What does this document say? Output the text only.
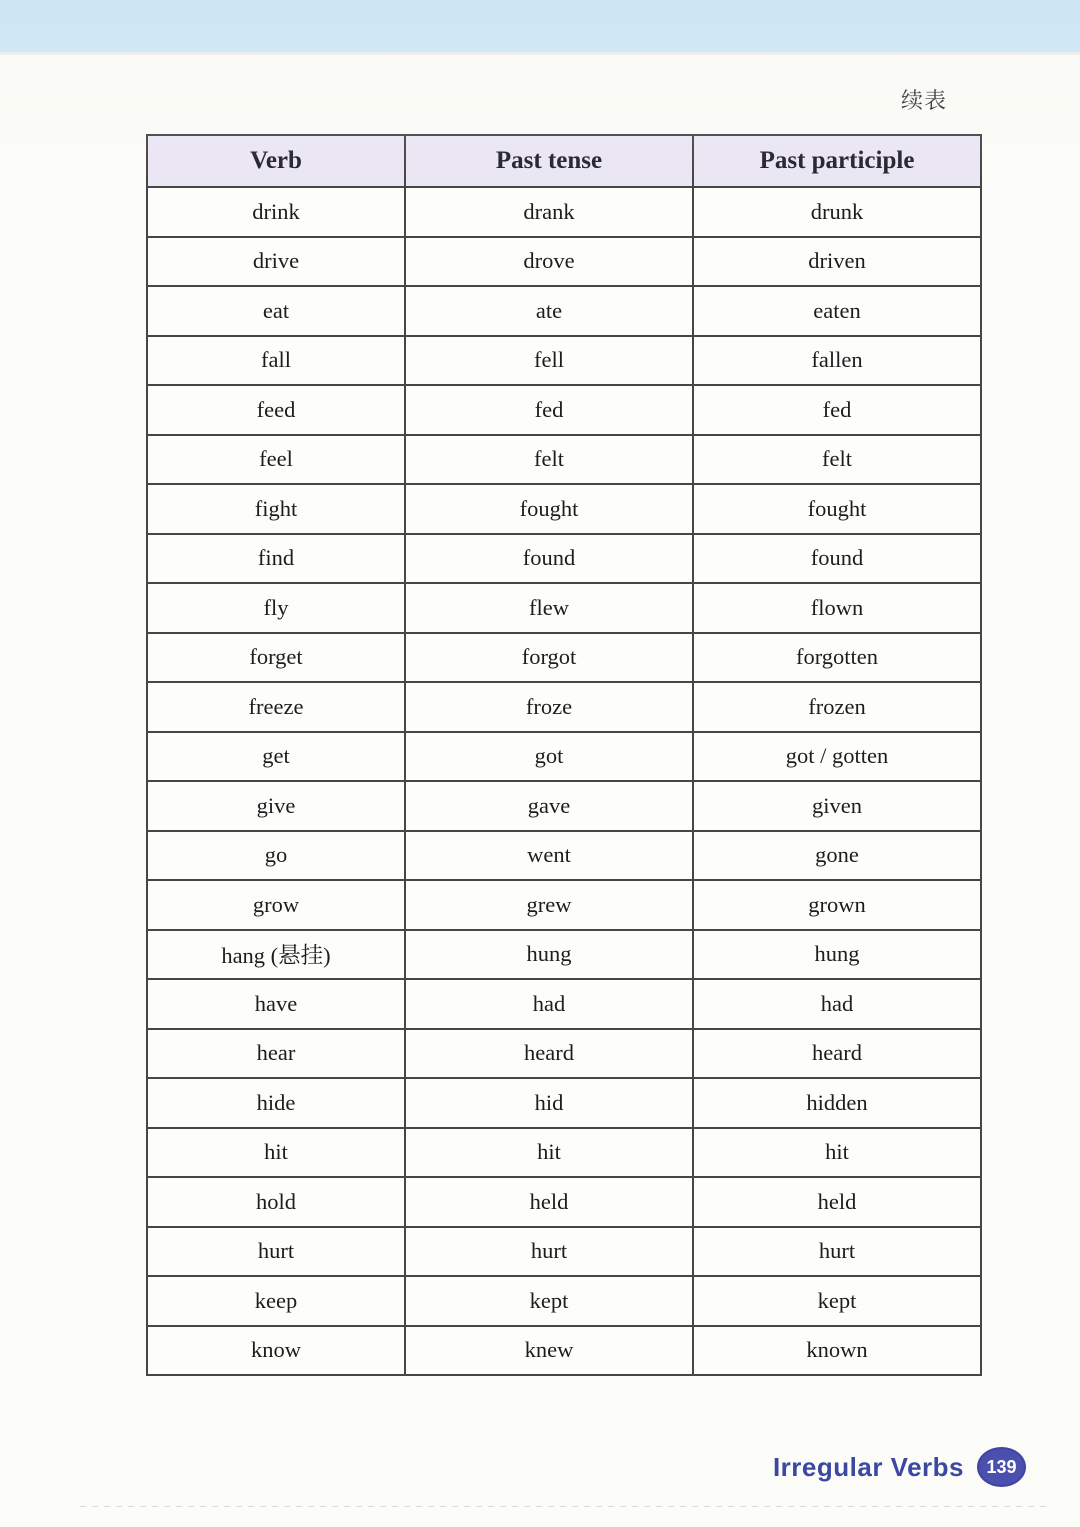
续表
Verb	Past tense	Past participle
drink	drank	drunk
drive	drove	driven
eat	ate	eaten
fall	fell	fallen
feed	fed	fed
feel	felt	felt
fight	fought	fought
find	found	found
fly	flew	flown
forget	forgot	forgotten
freeze	froze	frozen
get	got	got / gotten
give	gave	given
go	went	gone
grow	grew	grown
hang (悬挂)	hung	hung
have	had	had
hear	heard	heard
hide	hid	hidden
hit	hit	hit
hold	held	held
hurt	hurt	hurt
keep	kept	kept
know	knew	known
Irregular Verbs	139
